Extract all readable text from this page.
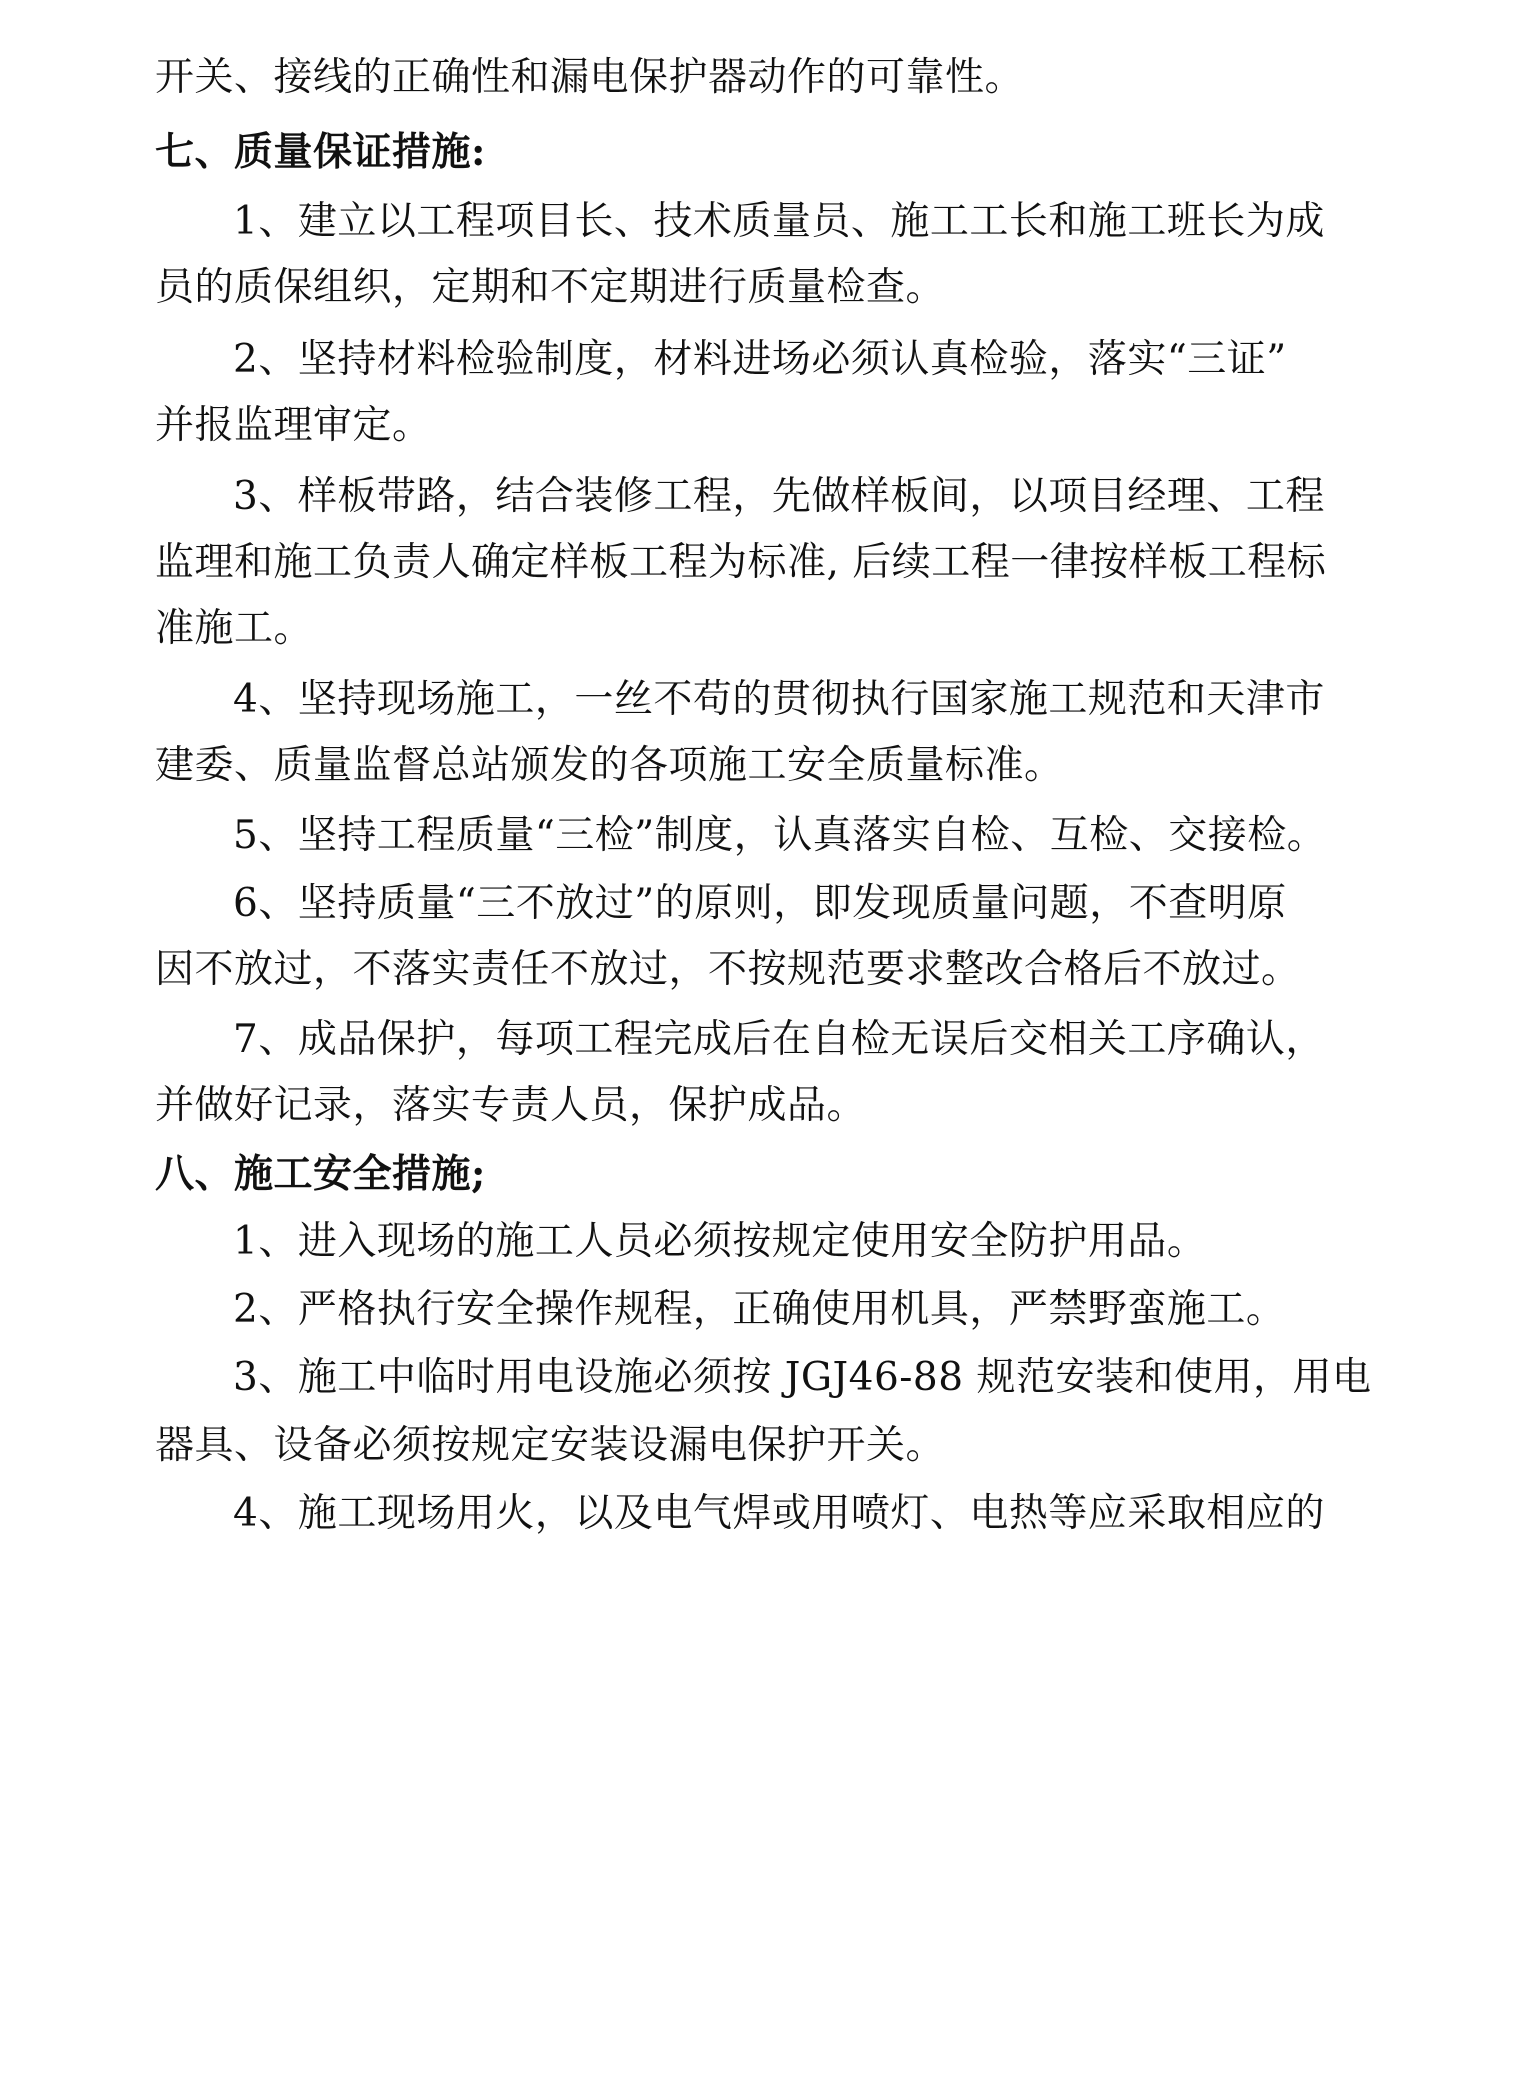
开关、接线的正确性和漏电保护器动作的可靠性。
七、质量保证措施:
1、建立以工程项目长、技术质量员、施工工长和施工班长为成
员的质保组织，定期和不定期进行质量检查。
2、坚持材料检验制度，材料进场必须认真检验，落实“三证”
并报监理审定。
3、样板带路，结合装修工程，先做样板间，以项目经理、工程
监理和施工负责人确定样板工程为标准, 后续工程一律按样板工程标
准施工。
4、坚持现场施工，一丝不苟的贯彻执行国家施工规范和天津市
建委、质量监督总站颁发的各项施工安全质量标准。
5、坚持工程质量“三检”制度，认真落实自检、互检、交接检。
6、坚持质量“三不放过”的原则，即发现质量问题，不查明原
因不放过，不落实责任不放过，不按规范要求整改合格后不放过。
7、成品保护，每项工程完成后在自检无误后交相关工序确认，
并做好记录，落实专责人员，保护成品。
八、施工安全措施;
1、进入现场的施工人员必须按规定使用安全防护用品。
2、严格执行安全操作规程，正确使用机具，严禁野蛮施工。
3、施工中临时用电设施必须按 JGJ46-88 规范安装和使用，用电
器具、设备必须按规定安装设漏电保护开关。
4、施工现场用火，以及电气焊或用喷灯、电热等应采取相应的
